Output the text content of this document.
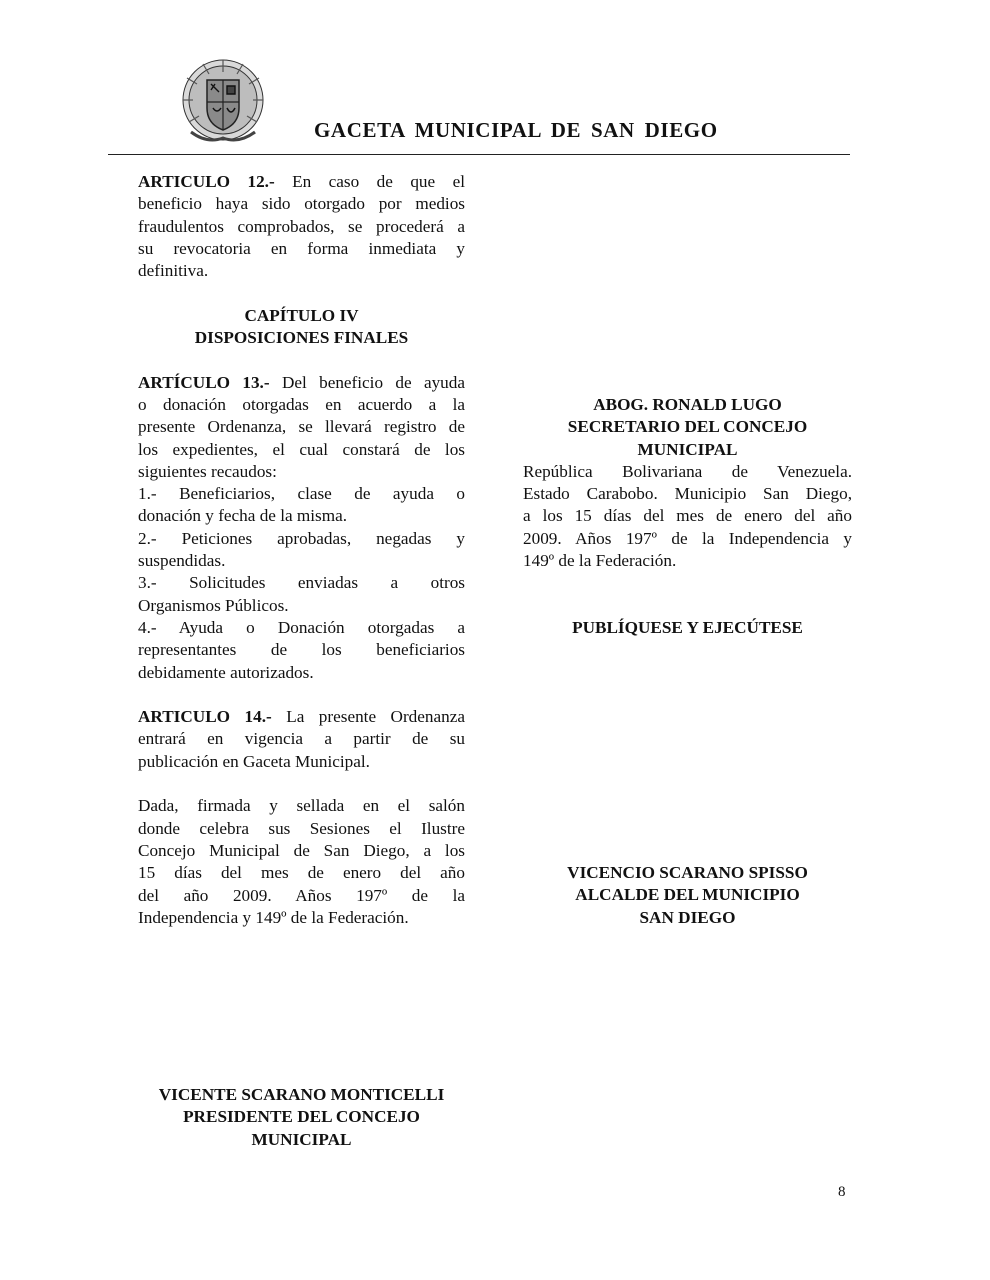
GACETA MUNICIPAL DE SAN DIEGO
ARTICULO 12.- En caso de que el
beneficio haya sido otorgado por medios
fraudulentos comprobados, se procederá a
su revocatoria en forma inmediata y
definitiva.

CAPÍTULO IV

DISPOSICIONES FINALES

ARTÍCULO 13.- Del beneficio de ayuda
o donación otorgadas en acuerdo a la
presente Ordenanza, se llevará registro de
los expedientes, el cual constará de los
siguientes recaudos:
1.- Beneficiarios, clase de ayuda o
donación y fecha de la misma.
2.- Peticiones aprobadas, negadas y
suspendidas.
3.- Solicitudes enviadas a otros
Organismos Públicos.
4.- Ayuda o Donación otorgadas a
representantes de los beneficiarios
debidamente autorizados.
ARTICULO 14.- La presente Ordenanza
entrará en vigencia a partir de su
publicación en Gaceta Municipal.
Dada, firmada y sellada en el salón
donde celebra sus Sesiones el Ilustre
Concejo Municipal de San Diego, a los
15 días del mes de enero del año
del año 2009. Años 197º de la
Independencia y 149º de la Federación.

VICENTE SCARANO MONTICELLI

PRESIDENTE DEL CONCEJO

MUNICIPAL

ABOG. RONALD LUGO

SECRETARIO DEL CONCEJO

MUNICIPAL

República Bolivariana de Venezuela.
Estado Carabobo. Municipio San Diego,
a los 15 días del mes de enero del año
2009. Años 197º de la Independencia y
149º de la Federación.

PUBLÍQUESE Y EJECÚTESE

VICENCIO SCARANO SPISSO

ALCALDE DEL MUNICIPIO

SAN DIEGO

8
